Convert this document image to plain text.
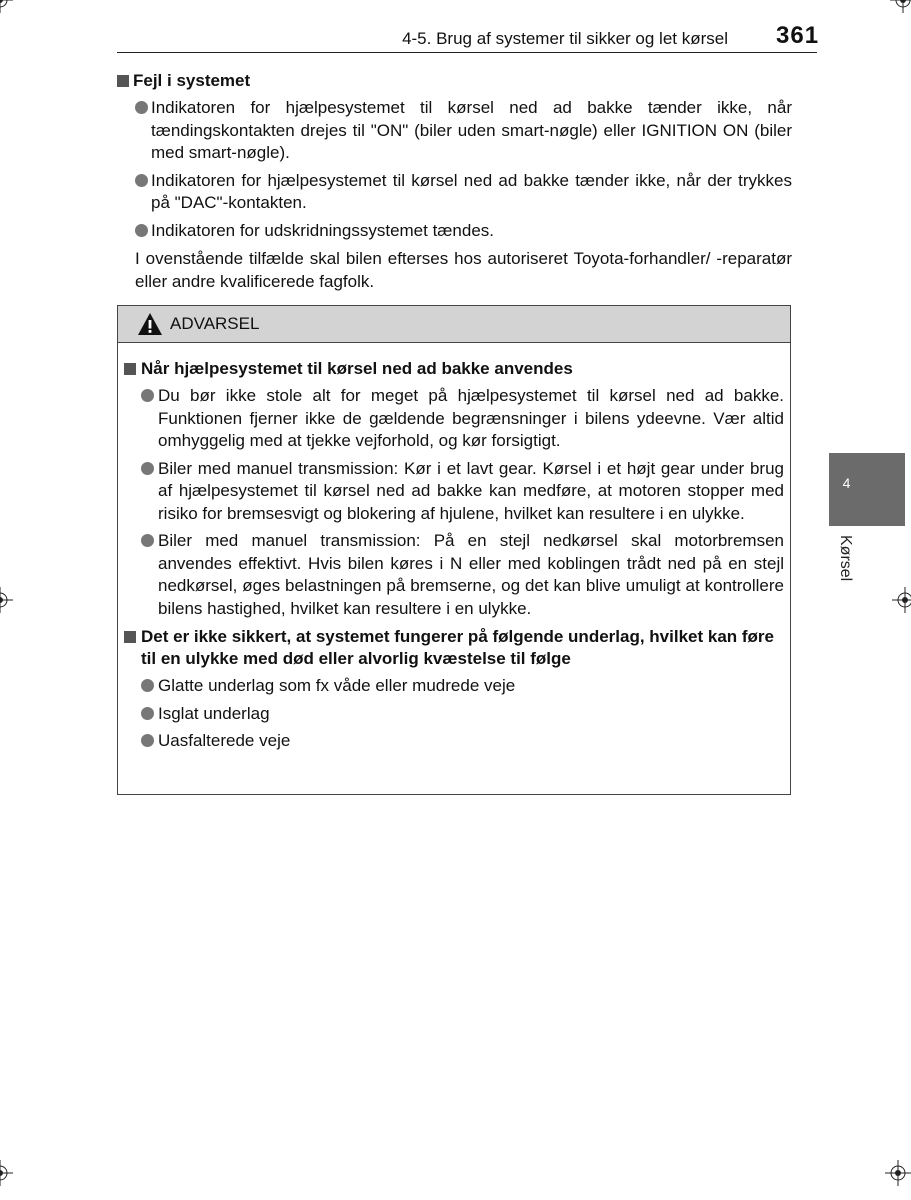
4-5. Brug af systemer til sikker og let kørsel 361
4
Kørsel
Fejl i systemet
Indikatoren for hjælpesystemet til kørsel ned ad bakke tænder ikke, når tændingskontakten drejes til "ON" (biler uden smart-nøgle) eller IGNITION ON (biler med smart-nøgle).
Indikatoren for hjælpesystemet til kørsel ned ad bakke tænder ikke, når der trykkes på "DAC"-kontakten.
Indikatoren for udskridningssystemet tændes.
I ovenstående tilfælde skal bilen efterses hos autoriseret Toyota-forhandler/ -reparatør eller andre kvalificerede fagfolk.
ADVARSEL
Når hjælpesystemet til kørsel ned ad bakke anvendes
Du bør ikke stole alt for meget på hjælpesystemet til kørsel ned ad bakke. Funktionen fjerner ikke de gældende begrænsninger i bilens ydeevne. Vær altid omhyggelig med at tjekke vejforhold, og kør forsigtigt.
Biler med manuel transmission: Kør i et lavt gear. Kørsel i et højt gear under brug af hjælpesystemet til kørsel ned ad bakke kan medføre, at motoren stopper med risiko for bremsesvigt og blokering af hjulene, hvilket kan resultere i en ulykke.
Biler med manuel transmission: På en stejl nedkørsel skal motorbremsen anvendes effektivt. Hvis bilen køres i N eller med koblingen trådt ned på en stejl nedkørsel, øges belastningen på bremserne, og det kan blive umuligt at kontrollere bilens hastighed, hvilket kan resultere i en ulykke.
Det er ikke sikkert, at systemet fungerer på følgende underlag, hvilket kan føre til en ulykke med død eller alvorlig kvæstelse til følge
Glatte underlag som fx våde eller mudrede veje
Isglat underlag
Uasfalterede veje
